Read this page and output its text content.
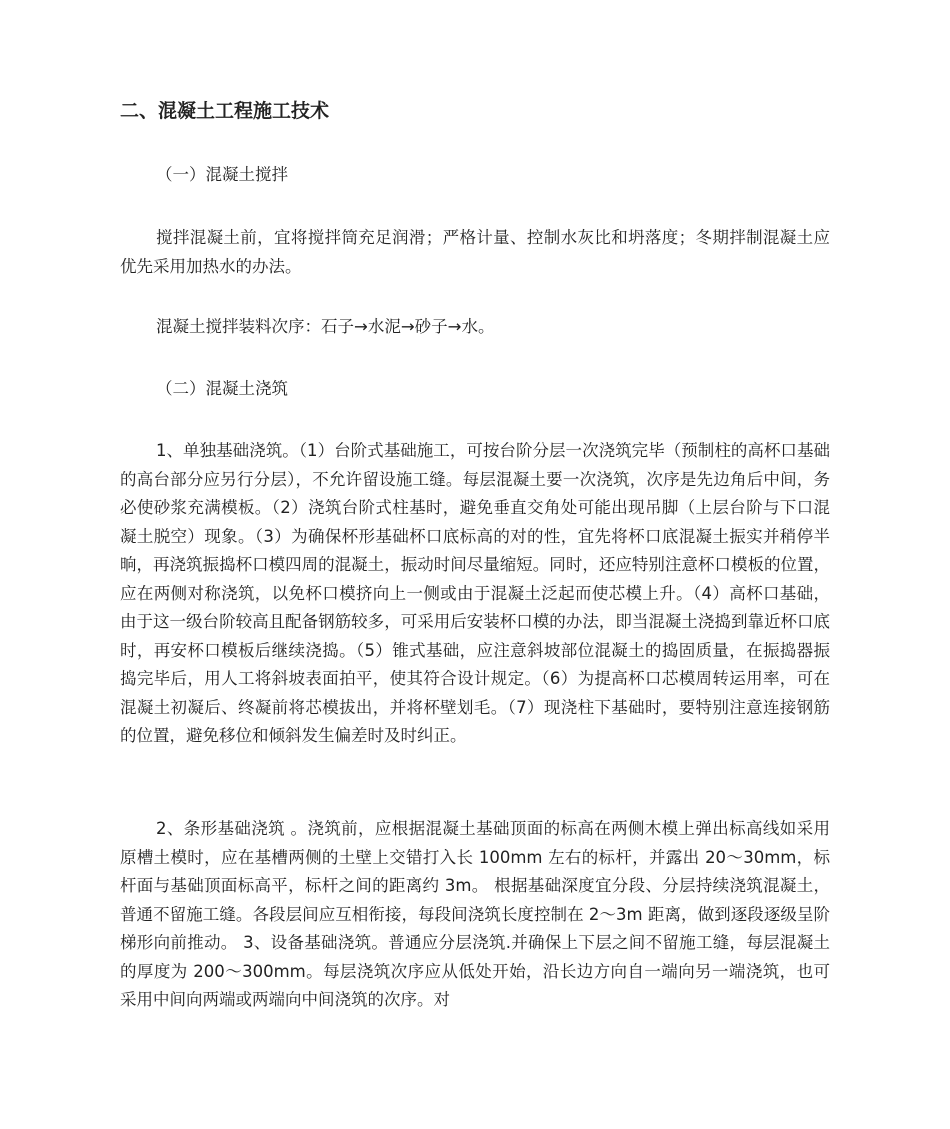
二、混凝土工程施工技术
（一）混凝土搅拌
搅拌混凝土前，宜将搅拌筒充足润滑；严格计量、控制水灰比和坍落度；冬期拌制混凝土应优先采用加热水的办法。
混凝土搅拌装料次序：石子→水泥→砂子→水。
（二）混凝土浇筑
1、单独基础浇筑。（1）台阶式基础施工，可按台阶分层一次浇筑完毕（预制柱的高杯口基础的高台部分应另行分层），不允许留设施工缝。每层混凝土要一次浇筑，次序是先边角后中间，务必使砂浆充满模板。（2）浇筑台阶式柱基时，避免垂直交角处可能出现吊脚（上层台阶与下口混凝土脱空）现象。（3）为确保杯形基础杯口底标高的对的性，宜先将杯口底混凝土振实并稍停半晌，再浇筑振捣杯口模四周的混凝土，振动时间尽量缩短。同时，还应特别注意杯口模板的位置，应在两侧对称浇筑，以免杯口模挤向上一侧或由于混凝土泛起而使芯模上升。（4）高杯口基础，由于这一级台阶较高且配备钢筋较多，可采用后安装杯口模的办法，即当混凝土浇捣到靠近杯口底时，再安杯口模板后继续浇捣。（5）锥式基础，应注意斜坡部位混凝土的捣固质量，在振捣器振捣完毕后，用人工将斜坡表面拍平，使其符合设计规定。（6）为提高杯口芯模周转运用率，可在混凝土初凝后、终凝前将芯模拔出，并将杯壁划毛。（7）现浇柱下基础时，要特别注意连接钢筋的位置，避免移位和倾斜发生偏差时及时纠正。
2、条形基础浇筑 。浇筑前，应根据混凝土基础顶面的标高在两侧木模上弹出标高线如采用原槽土模时，应在基槽两侧的土壁上交错打入长 100mm 左右的标杆，并露出 20～30mm，标杆面与基础顶面标高平，标杆之间的距离约 3m。 根据基础深度宜分段、分层持续浇筑混凝土，普通不留施工缝。各段层间应互相衔接，每段间浇筑长度控制在 2～3m 距离，做到逐段逐级呈阶梯形向前推动。 3、设备基础浇筑。普通应分层浇筑.并确保上下层之间不留施工缝，每层混凝土的厚度为 200～300mm。每层浇筑次序应从低处开始，沿长边方向自一端向另一端浇筑，也可采用中间向两端或两端向中间浇筑的次序。对
